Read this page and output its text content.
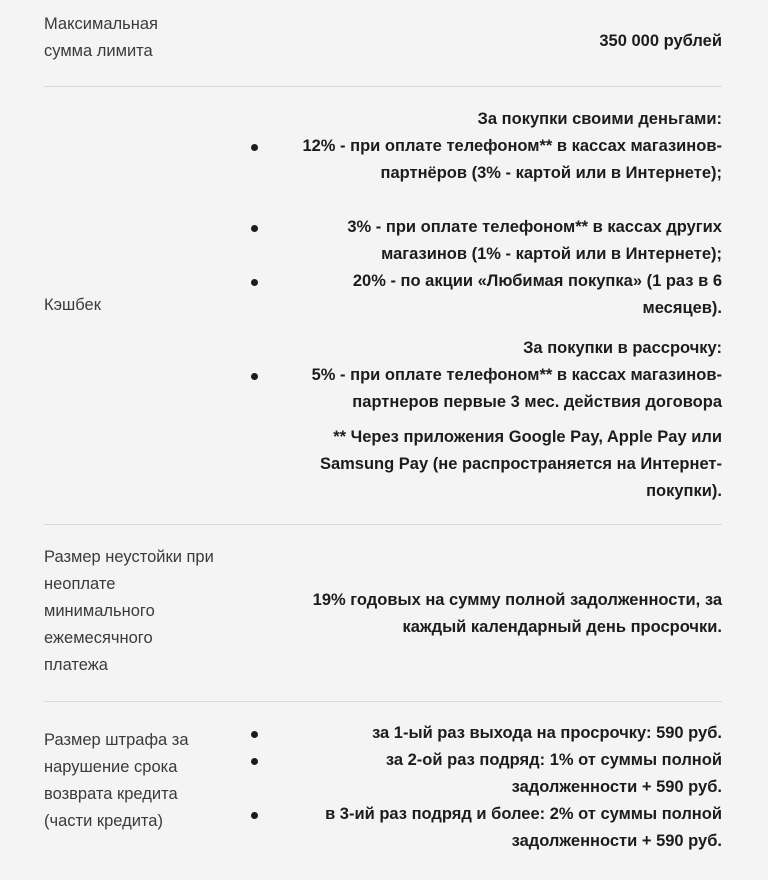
Максимальная сумма лимита
350 000 рублей
Кэшбек
За покупки своими деньгами:
12% - при оплате телефоном** в кассах магазинов-партнёров (3% - картой или в Интернете);
3% - при оплате телефоном** в кассах других магазинов (1% - картой или в Интернете);
20% - по акции «Любимая покупка» (1 раз в 6 месяцев).
За покупки в рассрочку:
5% - при оплате телефоном** в кассах магазинов-партнеров первые 3 мес. действия договора
** Через приложения Google Pay, Apple Pay или Samsung Pay (не распространяется на Интернет-покупки).
Размер неустойки при неоплате минимального ежемесячного платежа
19% годовых на сумму полной задолженности, за каждый календарный день просрочки.
Размер штрафа за нарушение срока возврата кредита (части кредита)
за 1-ый раз выхода на просрочку: 590 руб.
за 2-ой раз подряд: 1% от суммы полной задолженности + 590 руб.
в 3-ий раз подряд и более: 2% от суммы полной задолженности + 590 руб.
